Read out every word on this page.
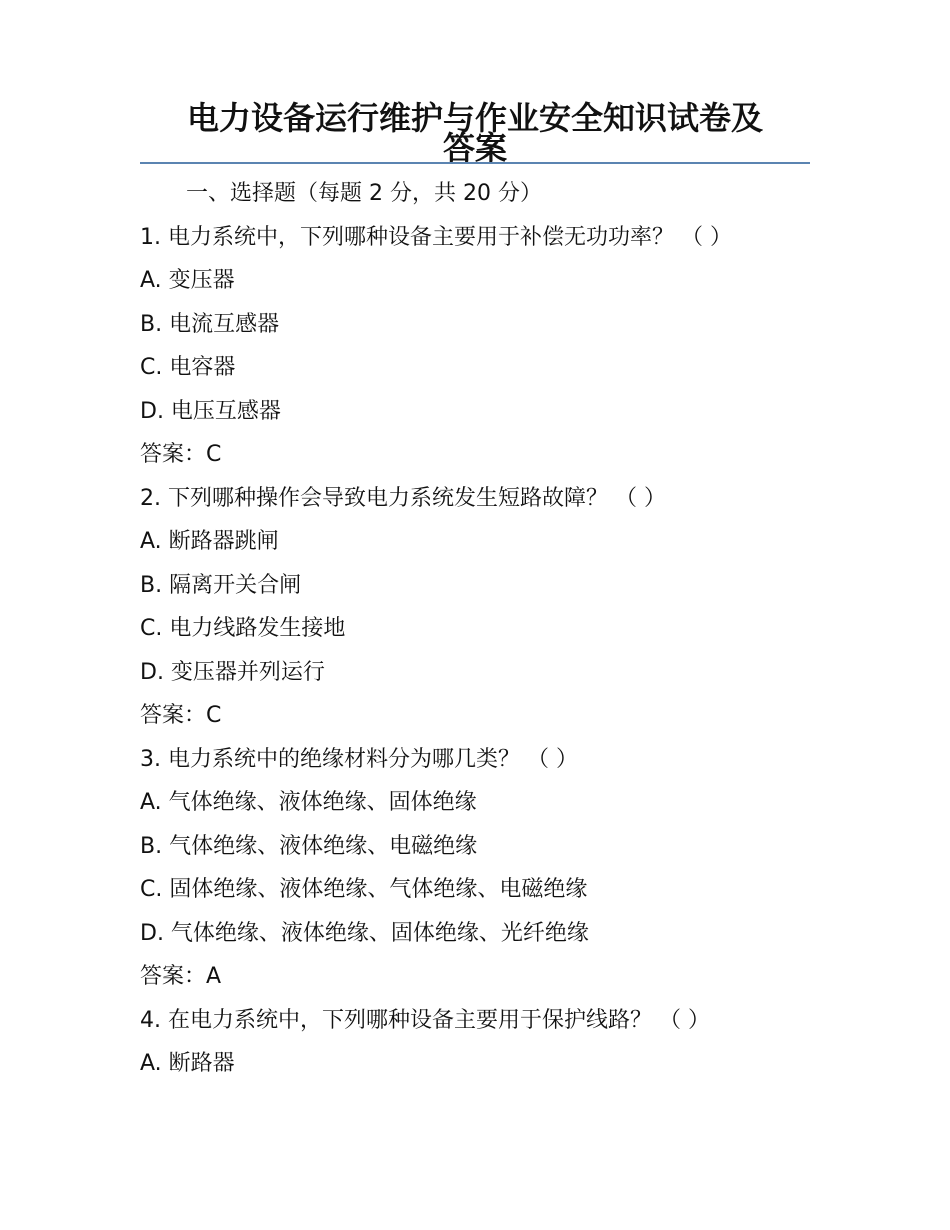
电力设备运行维护与作业安全知识试卷及
答案
一、选择题（每题 2 分，共 20 分）
1. 电力系统中，下列哪种设备主要用于补偿无功功率？ （ ）
A. 变压器
B. 电流互感器
C. 电容器
D. 电压互感器
答案：C
2. 下列哪种操作会导致电力系统发生短路故障？ （ ）
A. 断路器跳闸
B. 隔离开关合闸
C. 电力线路发生接地
D. 变压器并列运行
答案：C
3. 电力系统中的绝缘材料分为哪几类？ （ ）
A. 气体绝缘、液体绝缘、固体绝缘
B. 气体绝缘、液体绝缘、电磁绝缘
C. 固体绝缘、液体绝缘、气体绝缘、电磁绝缘
D. 气体绝缘、液体绝缘、固体绝缘、光纤绝缘
答案：A
4. 在电力系统中，下列哪种设备主要用于保护线路？ （ ）
A. 断路器
